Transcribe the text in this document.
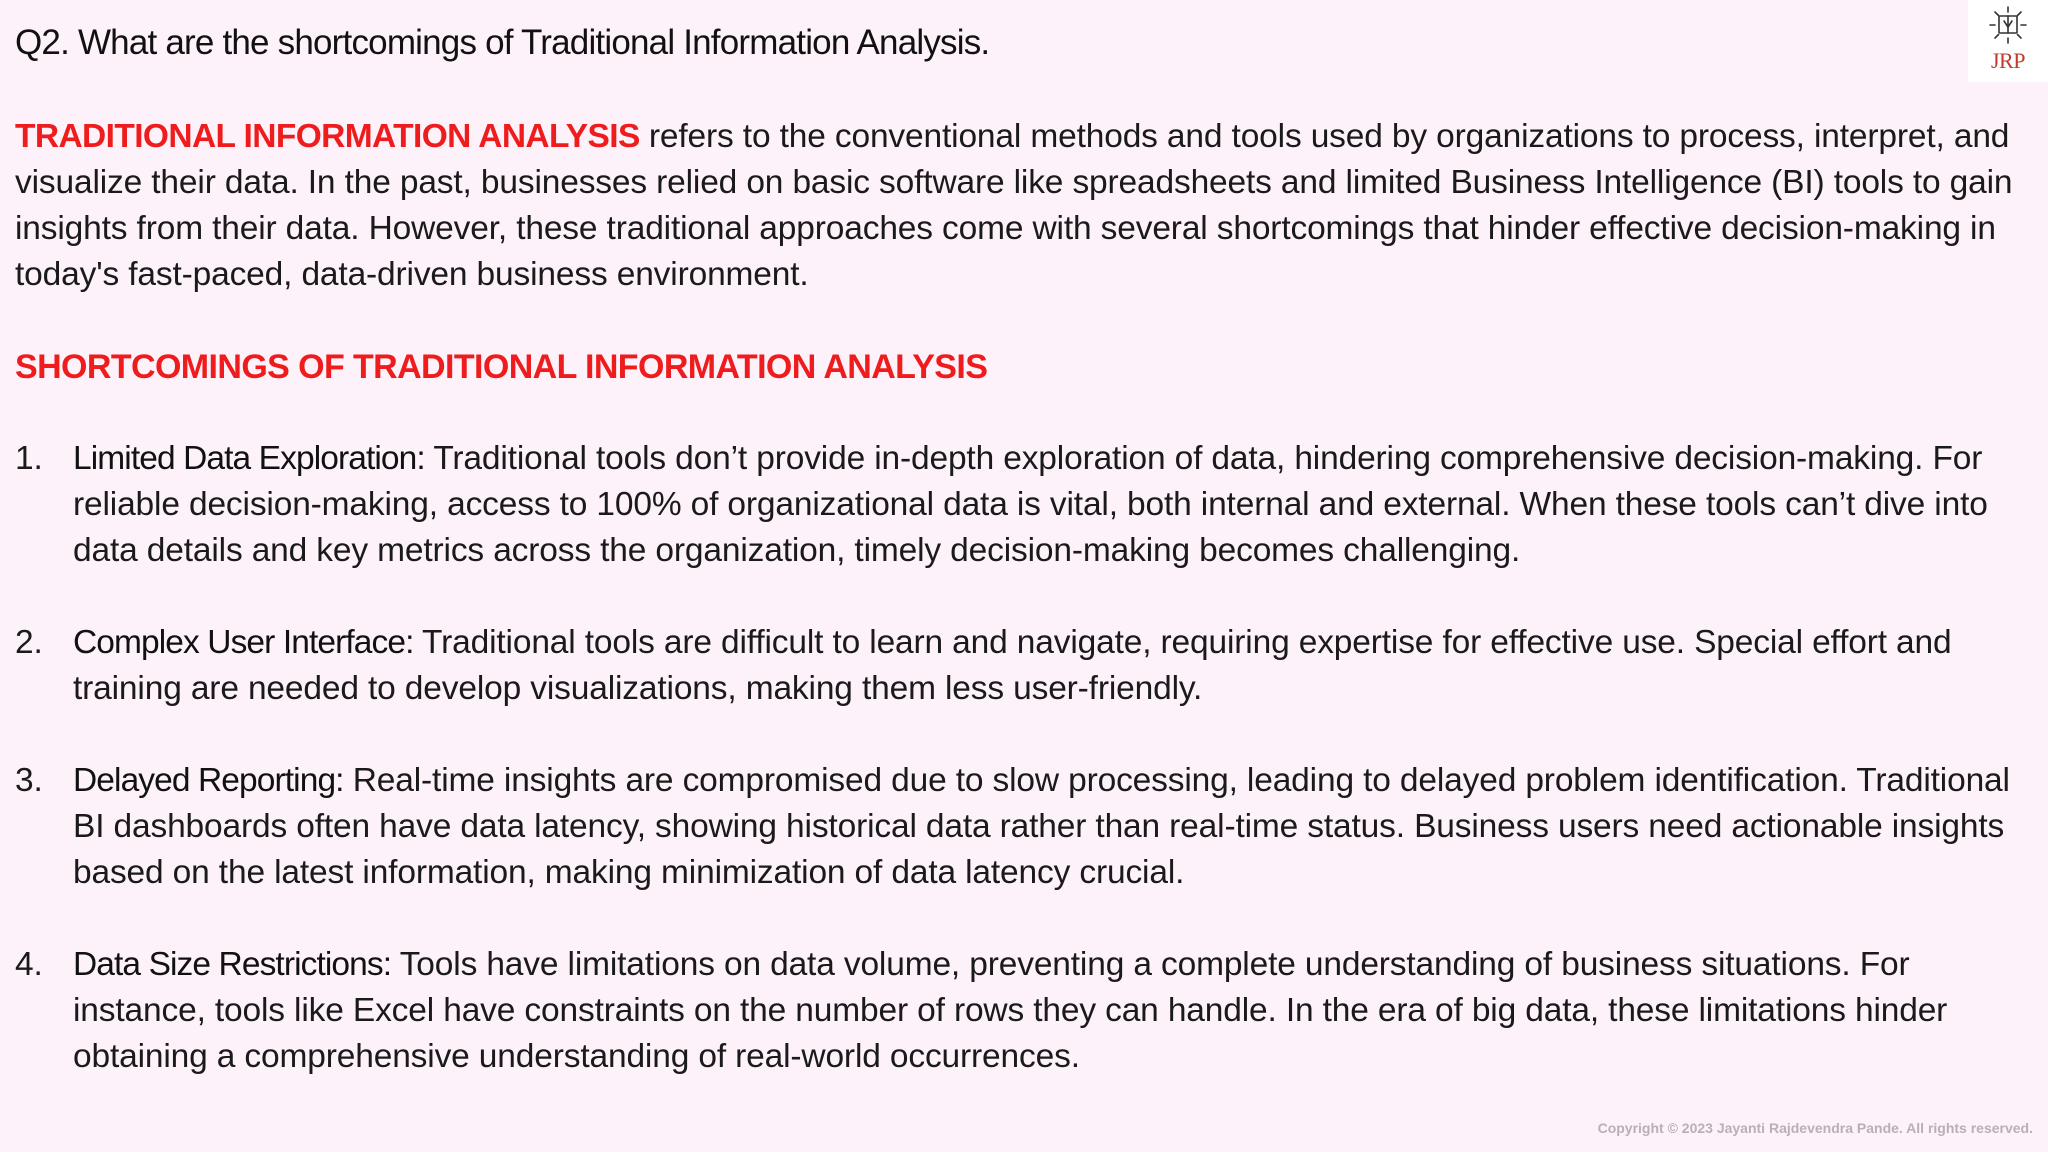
Q2. What are the shortcomings of Traditional Information Analysis.
TRADITIONAL INFORMATION ANALYSIS refers to the conventional methods and tools used by organizations to process, interpret, and visualize their data. In the past, businesses relied on basic software like spreadsheets and limited Business Intelligence (BI) tools to gain insights from their data. However, these traditional approaches come with several shortcomings that hinder effective decision-making in today's fast-paced, data-driven business environment.
SHORTCOMINGS OF TRADITIONAL INFORMATION ANALYSIS
1. Limited Data Exploration: Traditional tools don’t provide in-depth exploration of data, hindering comprehensive decision-making. For reliable decision-making, access to 100% of organizational data is vital, both internal and external. When these tools can’t dive into data details and key metrics across the organization, timely decision-making becomes challenging.
2. Complex User Interface: Traditional tools are difficult to learn and navigate, requiring expertise for effective use. Special effort and training are needed to develop visualizations, making them less user-friendly.
3. Delayed Reporting: Real-time insights are compromised due to slow processing, leading to delayed problem identification. Traditional BI dashboards often have data latency, showing historical data rather than real-time status. Business users need actionable insights based on the latest information, making minimization of data latency crucial.
4. Data Size Restrictions: Tools have limitations on data volume, preventing a complete understanding of business situations. For instance, tools like Excel have constraints on the number of rows they can handle. In the era of big data, these limitations hinder obtaining a comprehensive understanding of real-world occurrences.
JRP
Copyright © 2023 Jayanti Rajdevendra Pande. All rights reserved.
